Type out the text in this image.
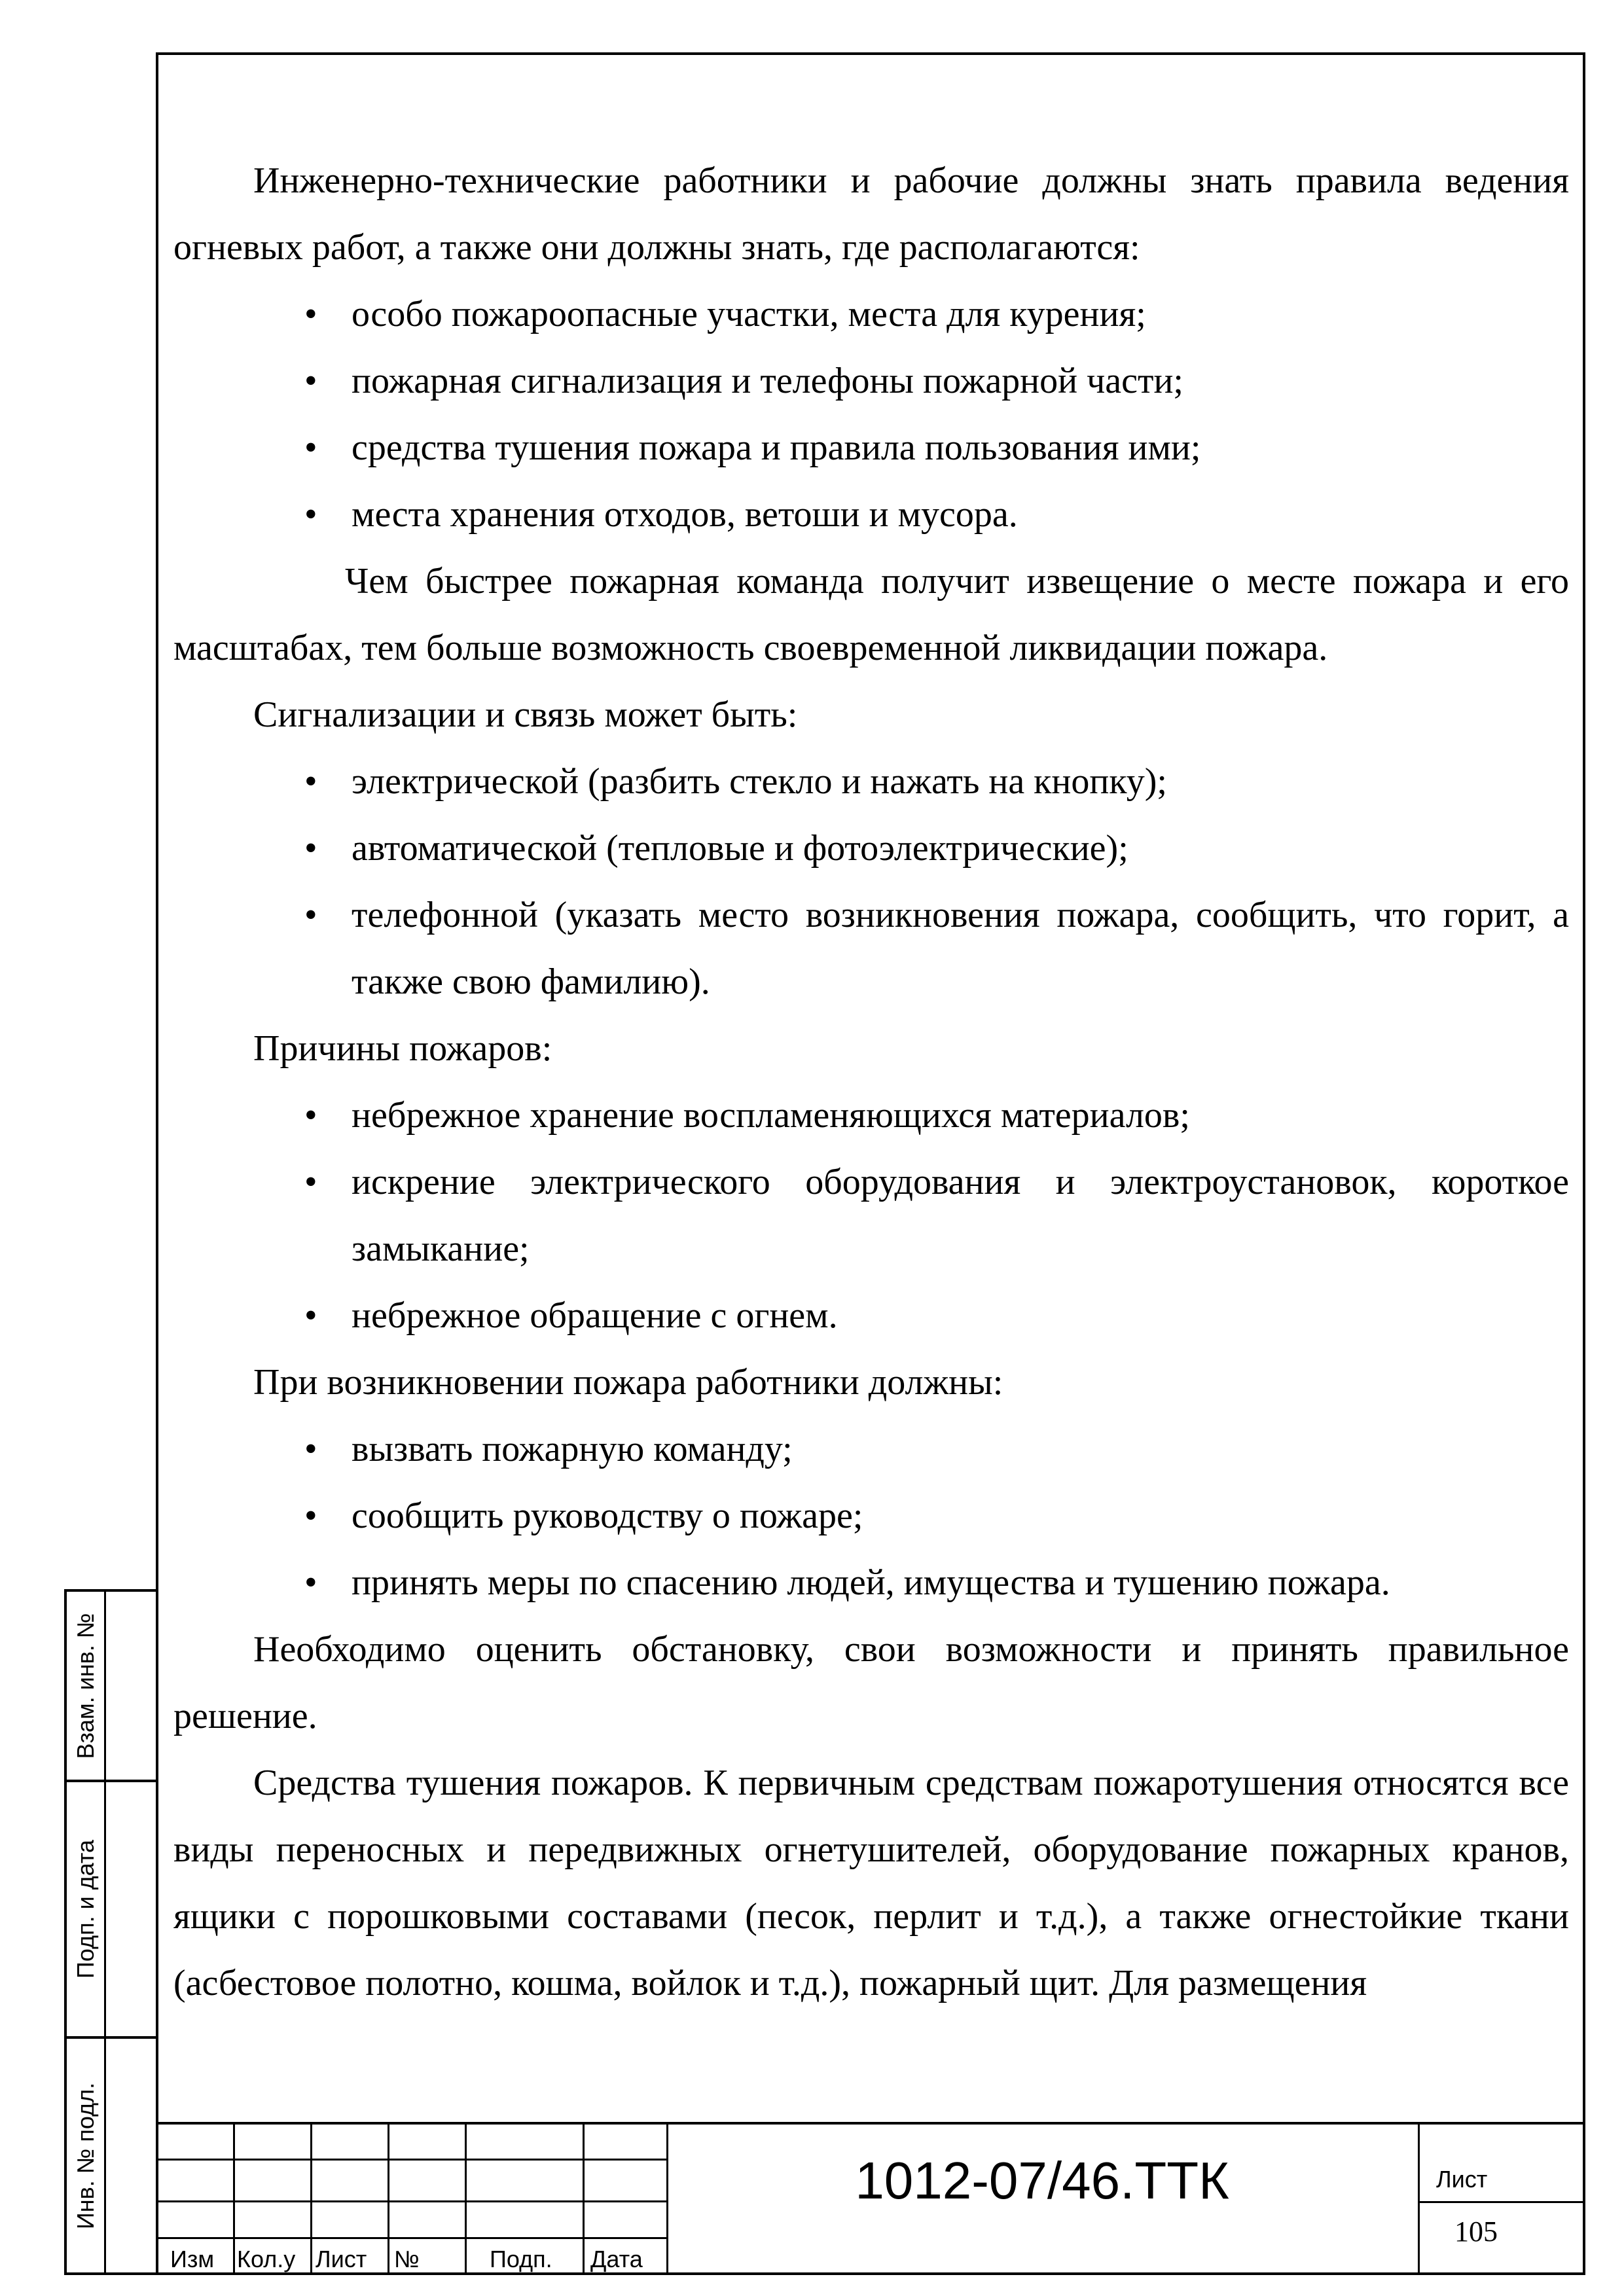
Инженерно-технические работники и рабочие должны знать правила ведения огневых работ, а также они должны знать, где располагаются:

• особо пожароопасные участки, места для курения;
• пожарная сигнализация и телефоны пожарной части;
• средства тушения пожара и правила пользования ими;
• места хранения отходов, ветоши и мусора.

Чем быстрее пожарная команда получит извещение о месте пожара и его масштабах, тем больше возможность своевременной ликвидации пожара.

Сигнализации и связь может быть:

• электрической (разбить стекло и нажать на кнопку);
• автоматической (тепловые и фотоэлектрические);
• телефонной (указать место возникновения пожара, сообщить, что горит, а также свою фамилию).

Причины пожаров:

• небрежное хранение воспламеняющихся материалов;
• искрение электрического оборудования и электроустановок, короткое замыкание;
• небрежное обращение с огнем.

При возникновении пожара работники должны:

• вызвать пожарную команду;
• сообщить руководству о пожаре;
• принять меры по спасению людей, имущества и тушению пожара.

Необходимо оценить обстановку, свои возможности и принять правильное решение.

Средства тушения пожаров. К первичным средствам пожаротушения относятся все виды переносных и передвижных огнетушителей, оборудование пожарных кранов, ящики с порошковыми составами (песок, перлит и т.д.), а также огнестойкие ткани (асбестовое полотно, кошма, войлок и т.д.), пожарный щит. Для размещения

Взам. инв. №
Подп. и дата
Инв. № подл.
Изм Кол.у Лист №	Подп. Дата
1012-07/46.ТТК	Лист
105
